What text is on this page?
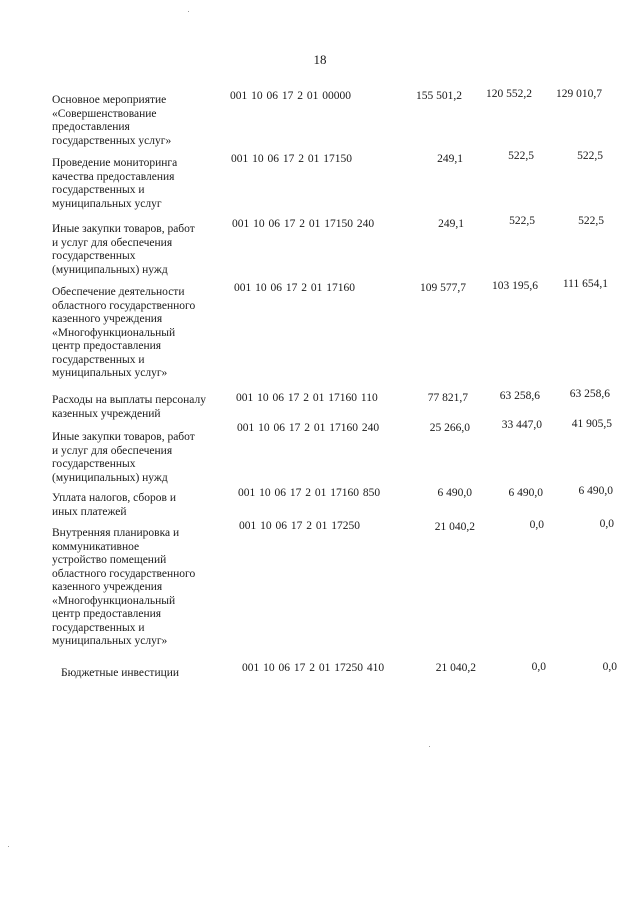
18
Основное мероприятие
«Совершенствование
предоставления
государственных услуг»
001 10 06 17 2 01 00000	155 501,2	120 552,2	129 010,7
Проведение мониторинга
качества предоставления
государственных и
муниципальных услуг
001 10 06 17 2 01 17150	249,1	522,5	522,5
Иные закупки товаров, работ
и услуг для обеспечения
государственных
(муниципальных) нужд
001 10 06 17 2 01 17150 240	249,1	522,5	522,5
Обеспечение деятельности
областного государственного
казенного учреждения
«Многофункциональный
центр предоставления
государственных и
муниципальных услуг»
001 10 06 17 2 01 17160	109 577,7	103 195,6	111 654,1
Расходы на выплаты персоналу
казенных учреждений
001 10 06 17 2 01 17160 110	77 821,7	63 258,6	63 258,6
Иные закупки товаров, работ
и услуг для обеспечения
государственных
(муниципальных) нужд
001 10 06 17 2 01 17160 240	25 266,0	33 447,0	41 905,5
Уплата налогов, сборов и
иных платежей
001 10 06 17 2 01 17160 850	6 490,0	6 490,0	6 490,0
Внутренняя планировка и
коммуникативное
устройство помещений
областного государственного
казенного учреждения
«Многофункциональный
центр предоставления
государственных и
муниципальных услуг»
001 10 06 17 2 01 17250	21 040,2	0,0	0,0
Бюджетные инвестиции	001 10 06 17 2 01 17250 410	21 040,2	0,0	0,0
